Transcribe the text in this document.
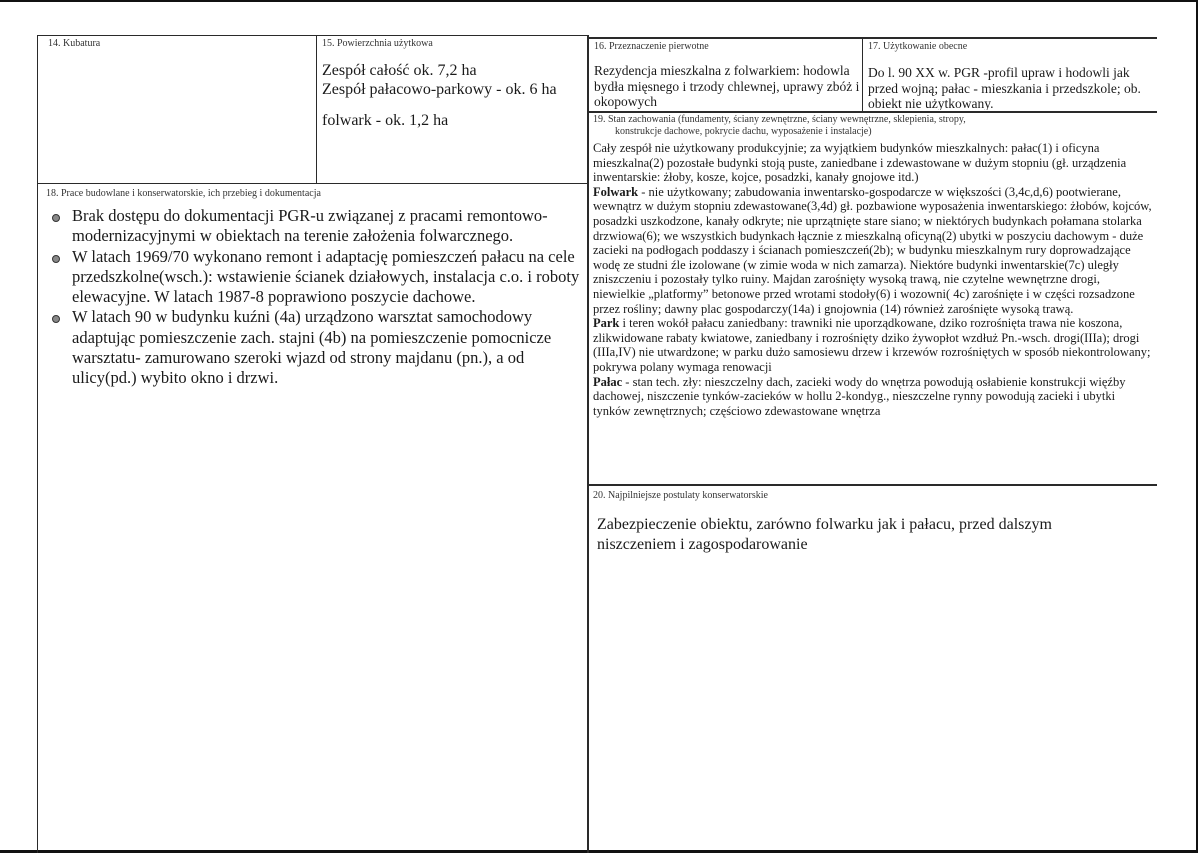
14. Kubatura	15. Powierzchnia użytkowa
Zespół całość ok. 7,2 ha
Zespół pałacowo-parkowy - ok. 6 ha
folwark - ok. 1,2 ha
16. Przeznaczenie pierwotne
Rezydencja mieszkalna z folwarkiem: hodowla bydła mięsnego i trzody chlewnej, uprawy zbóż i okopowych
17. Użytkowanie obecne
Do l. 90 XX w. PGR -profil upraw i hodowli jak przed wojną; pałac - mieszkania i przedszkole; ob. obiekt nie użytkowany.
18. Prace budowlane i konserwatorskie, ich przebieg i dokumentacja
Brak dostępu do dokumentacji PGR-u związanej z pracami remontowo-modernizacyjnymi w obiektach na terenie założenia folwarcznego.
W latach 1969/70 wykonano remont i adaptację pomieszczeń pałacu na cele przedszkolne(wsch.): wstawienie ścianek działowych, instalacja c.o. i roboty elewacyjne. W latach 1987-8 poprawiono poszycie dachowe.
W latach 90 w budynku kuźni (4a) urządzono warsztat samochodowy adaptując pomieszczenie zach. stajni (4b) na pomieszczenie pomocnicze warsztatu- zamurowano szeroki wjazd od strony majdanu (pn.), a od ulicy(pd.) wybito okno i drzwi.
19. Stan zachowania (fundamenty, ściany zewnętrzne, ściany wewnętrzne, sklepienia, stropy,
konstrukcje dachowe, pokrycie dachu, wyposażenie i instalacje)

Cały zespół nie użytkowany produkcyjnie; za wyjątkiem budynków mieszkalnych: pałac(1) i oficyna mieszkalna(2) pozostałe budynki stoją puste, zaniedbane i zdewastowane w dużym stopniu (gł. urządzenia inwentarskie: żłoby, kosze, kojce, posadzki, kanały gnojowe itd.)

Folwark - nie użytkowany; zabudowania inwentarsko-gospodarcze w większości (3,4c,d,6) pootwierane, wewnątrz w dużym stopniu zdewastowane(3,4d) gł. pozbawione wyposażenia inwentarskiego: żłobów, kojców, posadzki uszkodzone, kanały odkryte; nie uprzątnięte stare siano; w niektórych budynkach połamana stolarka drzwiowa(6); we wszystkich budynkach łącznie z mieszkalną oficyną(2) ubytki w poszyciu dachowym - duże zacieki na podłogach poddaszy i ścianach pomieszczeń(2b); w budynku mieszkalnym rury doprowadzające wodę ze studni źle izolowane (w zimie woda w nich zamarza). Niektóre budynki inwentarskie(7c) uległy zniszczeniu i pozostały tylko ruiny. Majdan zarośnięty wysoką trawą, nie czytelne wewnętrzne drogi, niewielkie „platformy” betonowe przed wrotami stodoły(6) i wozowni( 4c) zarośnięte i w części rozsadzone przez rośliny; dawny plac gospodarczy(14a) i gnojownia (14) również zarośnięte wysoką trawą.

Park i teren wokół pałacu zaniedbany: trawniki nie uporządkowane, dziko rozrośnięta trawa nie koszona, zlikwidowane rabaty kwiatowe, zaniedbany i rozrośnięty dziko żywopłot wzdłuż Pn.-wsch. drogi(IIIa); drogi (IIIa,IV) nie utwardzone; w parku dużo samosiewu drzew i krzewów rozrośniętych w sposób niekontrolowany; pokrywa polany wymaga renowacji

Pałac - stan tech. zły: nieszczelny dach, zacieki wody do wnętrza powodują osłabienie konstrukcji więźby dachowej, niszczenie tynków-zacieków w hollu 2-kondyg., nieszczelne rynny powodują zacieki i ubytki tynków zewnętrznych; częściowo zdewastowane wnętrza

20. Najpilniejsze postulaty konserwatorskie
Zabezpieczenie obiektu, zarówno folwarku jak i pałacu, przed dalszym niszczeniem i zagospodarowanie
